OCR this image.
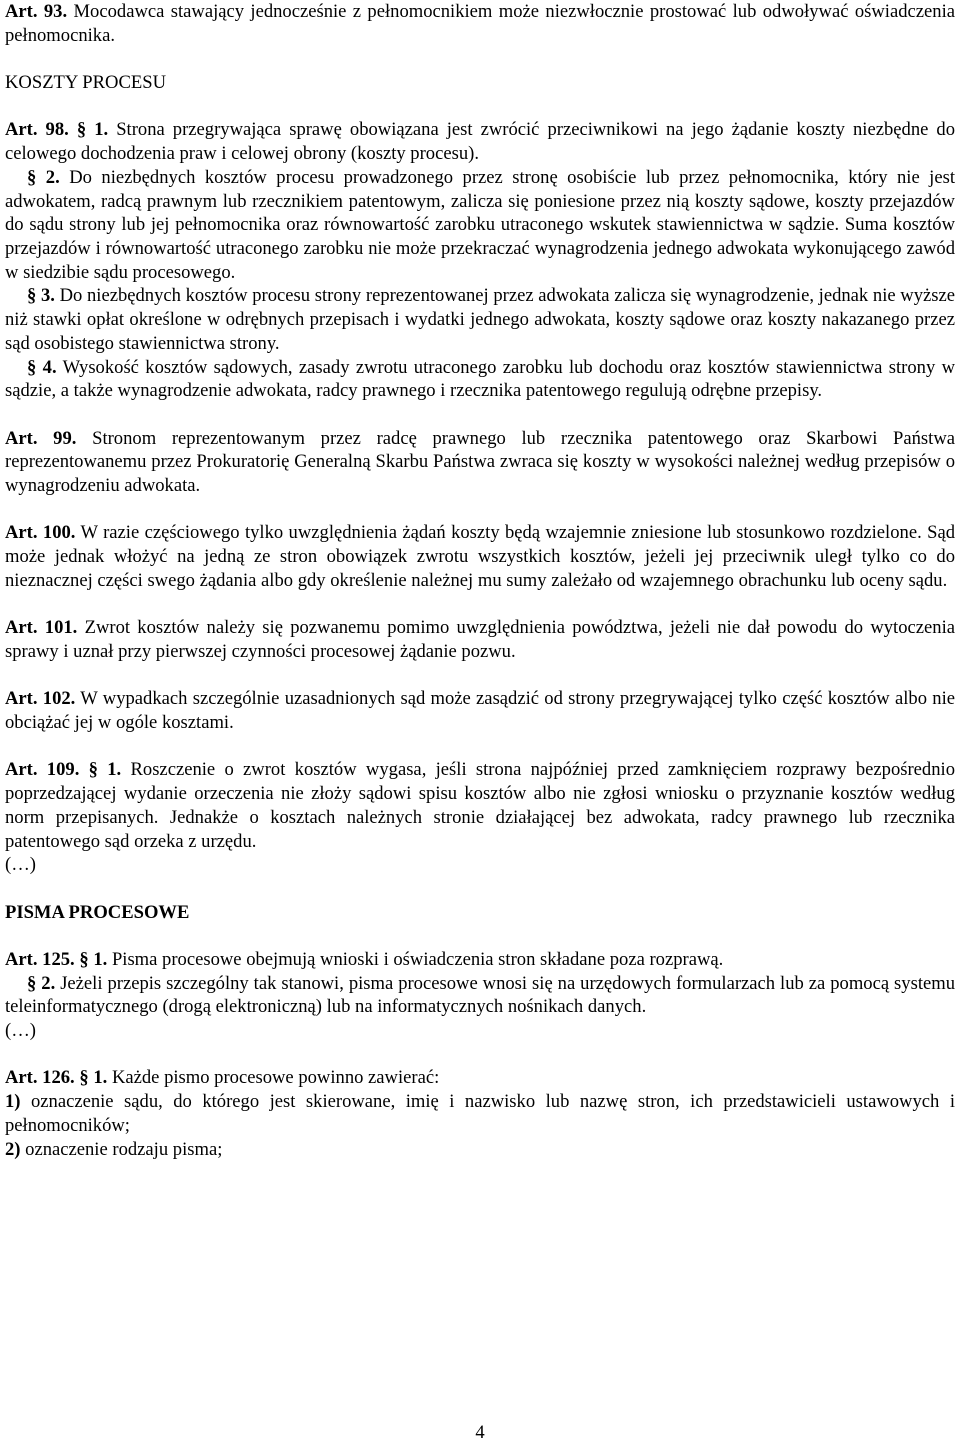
Art. 93. Mocodawca stawający jednocześnie z pełnomocnikiem może niezwłocznie prostować lub odwoływać oświadczenia pełnomocnika.

KOSZTY PROCESU

Art. 98. § 1. Strona przegrywająca sprawę obowiązana jest zwrócić przeciwnikowi na jego żądanie koszty niezbędne do celowego dochodzenia praw i celowej obrony (koszty procesu).

§ 2. Do niezbędnych kosztów procesu prowadzonego przez stronę osobiście lub przez pełnomocnika, który nie jest adwokatem, radcą prawnym lub rzecznikiem patentowym, zalicza się poniesione przez nią koszty sądowe, koszty przejazdów do sądu strony lub jej pełnomocnika oraz równowartość zarobku utraconego wskutek stawiennictwa w sądzie. Suma kosztów przejazdów i równowartość utraconego zarobku nie może przekraczać wynagrodzenia jednego adwokata wykonującego zawód w siedzibie sądu procesowego.

§ 3. Do niezbędnych kosztów procesu strony reprezentowanej przez adwokata zalicza się wynagrodzenie, jednak nie wyższe niż stawki opłat określone w odrębnych przepisach i wydatki jednego adwokata, koszty sądowe oraz koszty nakazanego przez sąd osobistego stawiennictwa strony.

§ 4. Wysokość kosztów sądowych, zasady zwrotu utraconego zarobku lub dochodu oraz kosztów stawiennictwa strony w sądzie, a także wynagrodzenie adwokata, radcy prawnego i rzecznika patentowego regulują odrębne przepisy.

Art. 99. Stronom reprezentowanym przez radcę prawnego lub rzecznika patentowego oraz Skarbowi Państwa reprezentowanemu przez Prokuratorię Generalną Skarbu Państwa zwraca się koszty w wysokości należnej według przepisów o wynagrodzeniu adwokata.

Art. 100. W razie częściowego tylko uwzględnienia żądań koszty będą wzajemnie zniesione lub stosunkowo rozdzielone. Sąd może jednak włożyć na jedną ze stron obowiązek zwrotu wszystkich kosztów, jeżeli jej przeciwnik uległ tylko co do nieznacznej części swego żądania albo gdy określenie należnej mu sumy zależało od wzajemnego obrachunku lub oceny sądu.

Art. 101. Zwrot kosztów należy się pozwanemu pomimo uwzględnienia powództwa, jeżeli nie dał powodu do wytoczenia sprawy i uznał przy pierwszej czynności procesowej żądanie pozwu.

Art. 102. W wypadkach szczególnie uzasadnionych sąd może zasądzić od strony przegrywającej tylko część kosztów albo nie obciążać jej w ogóle kosztami.

Art. 109. § 1. Roszczenie o zwrot kosztów wygasa, jeśli strona najpóźniej przed zamknięciem rozprawy bezpośrednio poprzedzającej wydanie orzeczenia nie złoży sądowi spisu kosztów albo nie zgłosi wniosku o przyznanie kosztów według norm przepisanych. Jednakże o kosztach należnych stronie działającej bez adwokata, radcy prawnego lub rzecznika patentowego sąd orzeka z urzędu.

(…)

PISMA PROCESOWE

Art. 125. § 1. Pisma procesowe obejmują wnioski i oświadczenia stron składane poza rozprawą.

§ 2. Jeżeli przepis szczególny tak stanowi, pisma procesowe wnosi się na urzędowych formularzach lub za pomocą systemu teleinformatycznego (drogą elektroniczną) lub na informatycznych nośnikach danych.

(…)

Art. 126. § 1. Każde pismo procesowe powinno zawierać:

1) oznaczenie sądu, do którego jest skierowane, imię i nazwisko lub nazwę stron, ich przedstawicieli ustawowych i pełnomocników;

2) oznaczenie rodzaju pisma;

4
